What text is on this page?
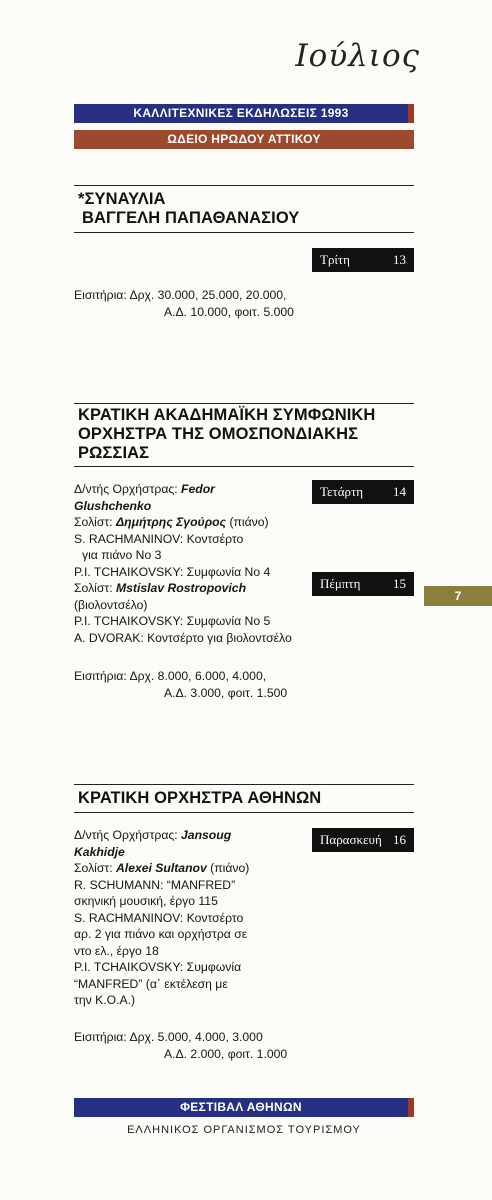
Ιούλιος
ΚΑΛΛΙΤΕΧΝΙΚΕΣ ΕΚΔΗΛΩΣΕΙΣ 1993
ΩΔΕΙΟ ΗΡΩΔΟΥ ΑΤΤΙΚΟΥ
*ΣΥΝΑΥΛΙΑ
ΒΑΓΓΕΛΗ ΠΑΠΑΘΑΝΑΣΙΟΥ
Τρίτη	13
Εισιτήρια: Δρχ. 30.000, 25.000, 20.000,
Α.Δ. 10.000, φοιτ. 5.000
ΚΡΑΤΙΚΗ ΑΚΑΔΗΜΑΪΚΗ ΣΥΜΦΩΝΙΚΗ
ΟΡΧΗΣΤΡΑ ΤΗΣ ΟΜΟΣΠΟΝΔΙΑΚΗΣ
ΡΩΣΣΙΑΣ
Τετάρτη 14
Πέμπτη	15
Δ/ντής Ορχήστρας: Fedor
Glushchenko
Σολίστ: Δημήτρης Σγούρος (πιάνο)
S. RACHMANINOV: Κοντσέρτο
για πιάνο No 3
P.I. TCHAIKOVSKY: Συμφωνία No 4
Σολίστ: Mstislav Rostropovich
(βιολοντσέλο)
P.I. TCHAIKOVSKY: Συμφωνία No 5
A. DVORAK: Κοντσέρτο για βιολοντσέλο
Εισιτήρια: Δρχ. 8.000, 6.000, 4.000,
Α.Δ. 3.000, φοιτ. 1.500
7
ΚΡΑΤΙΚΗ ΟΡΧΗΣΤΡΑ ΑΘΗΝΩΝ
Παρασκευή 16
Δ/ντής Ορχήστρας: Jansoug
Kakhidje
Σολίστ: Alexei Sultanov (πιάνο)
R. SCHUMANN: “MANFRED”
σκηνική μουσική, έργο 115
S. RACHMANINOV: Κοντσέρτο
αρ. 2 για πιάνο και ορχήστρα σε
ντο ελ., έργο 18
P.I. TCHAIKOVSKY: Συμφωνία
“MANFRED” (α΄ εκτέλεση με
την Κ.Ο.Α.)
Εισιτήρια: Δρχ. 5.000, 4.000, 3.000
Α.Δ. 2.000, φοιτ. 1.000
ΦΕΣΤΙΒΑΛ ΑΘΗΝΩΝ
ΕΛΛΗΝΙΚΟΣ ΟΡΓΑΝΙΣΜΟΣ ΤΟΥΡΙΣΜΟΥ
